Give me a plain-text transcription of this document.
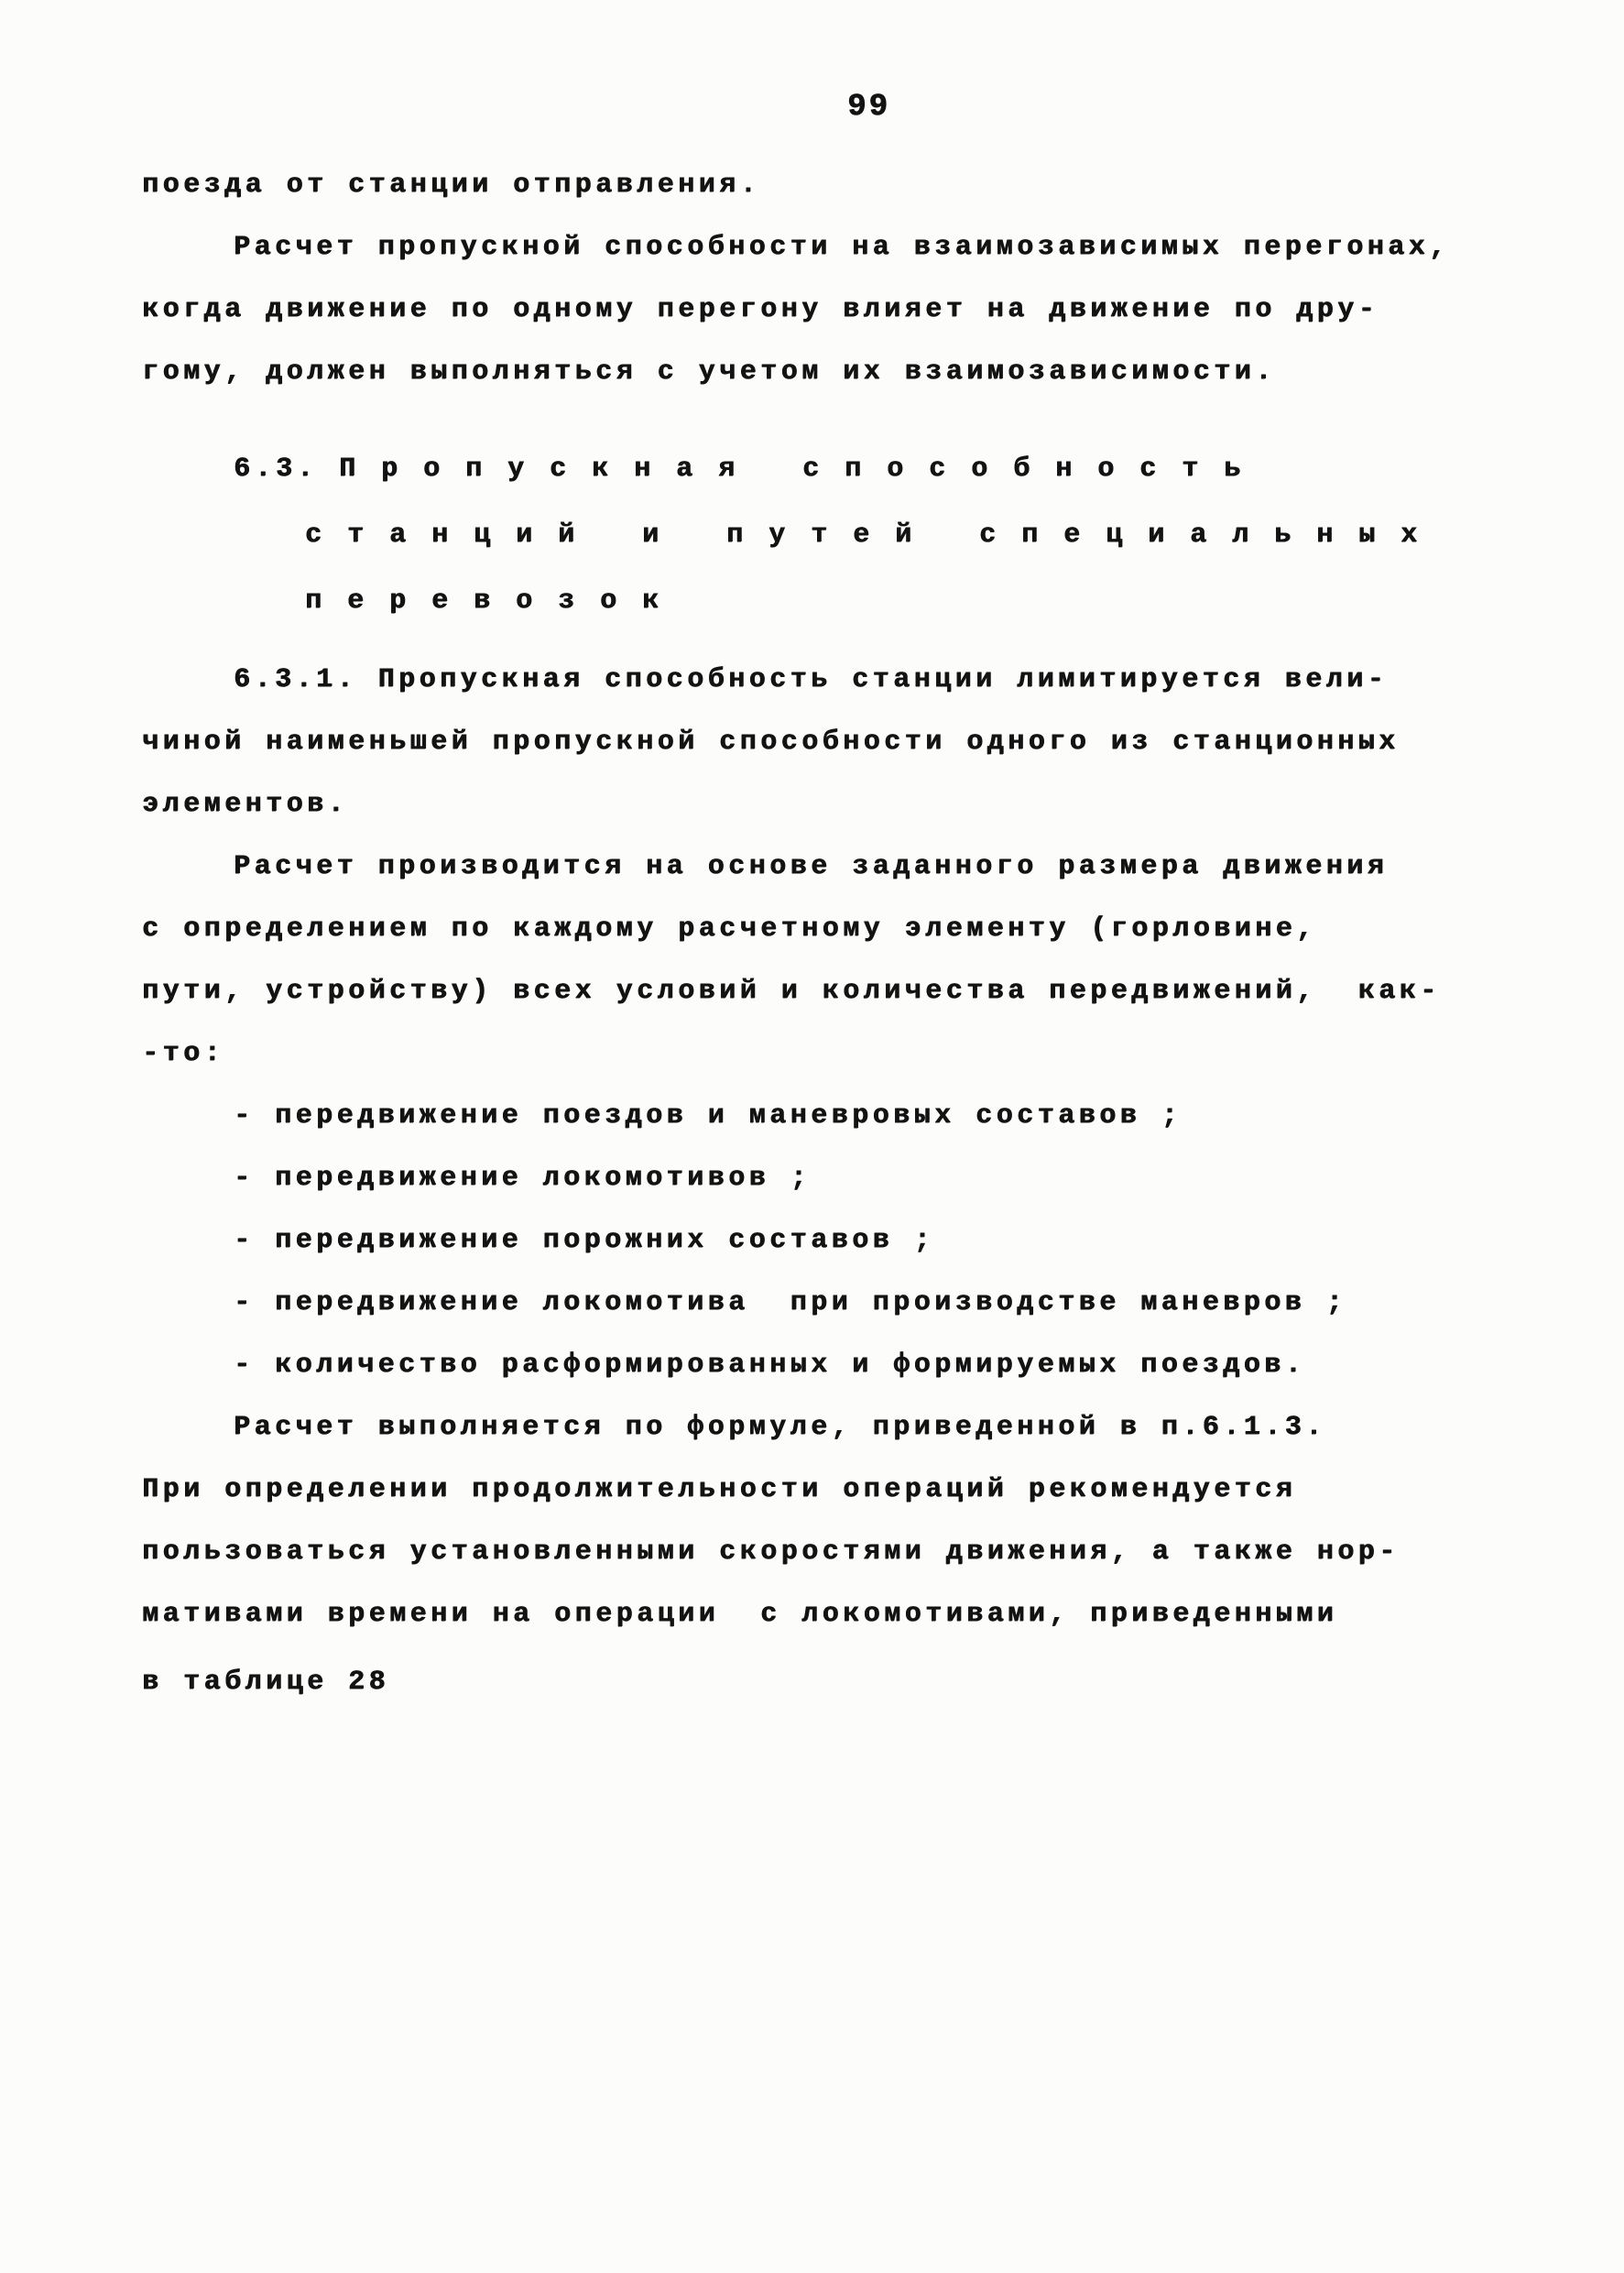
99
поезда от станции отправления.
Расчет пропускной способности на взаимозависимых перегонах,
когда движение по одному перегону влияет на движение по дру-
гому, должен выполняться с учетом их взаимозависимости.
6.3. П р о п у с к н а я   с п о с о б н о с т ь
с т а н ц и й   и   п у т е й   с п е ц и а л ь н ы х
п е р е в о з о к
6.3.1. Пропускная способность станции лимитируется вели-
чиной наименьшей пропускной способности одного из станционных
элементов.
Расчет производится на основе заданного размера движения
с определением по каждому расчетному элементу (горловине,
пути, устройству) всех условий и количества передвижений,  как-
-то:
- передвижение поездов и маневровых составов ;
- передвижение локомотивов ;
- передвижение порожних составов ;
- передвижение локомотива  при производстве маневров ;
- количество расформированных и формируемых поездов.
Расчет выполняется по формуле, приведенной в п.6.1.3.
При определении продолжительности операций рекомендуется
пользоваться установленными скоростями движения, а также нор-
мативами времени на операции  с локомотивами, приведенными
в таблице 28
